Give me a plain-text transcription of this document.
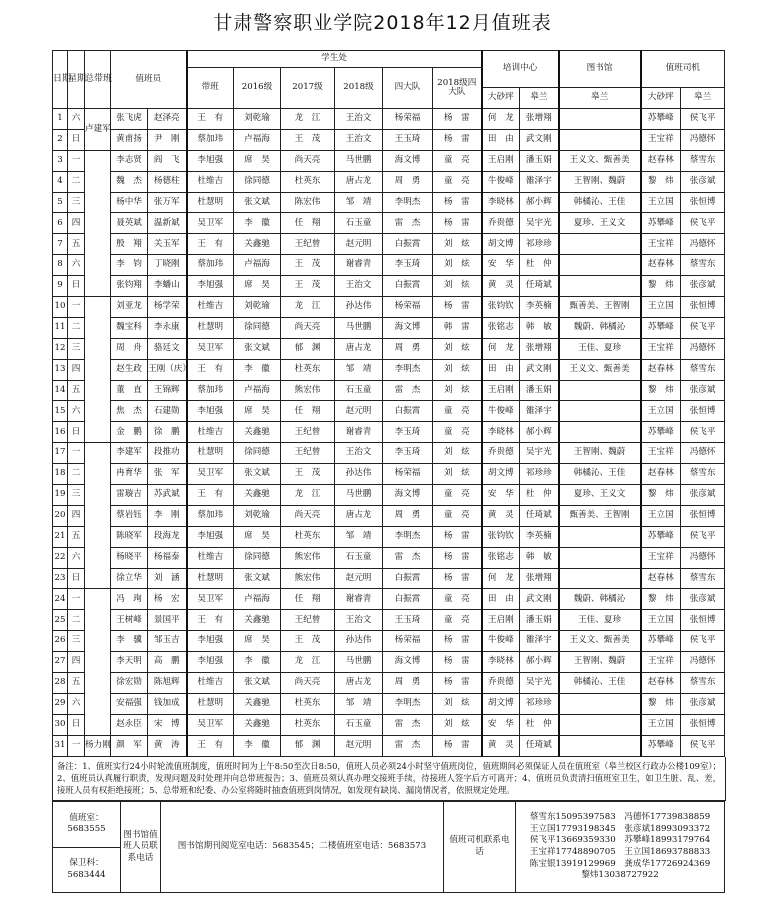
甘肃警察职业学院2018年12月值班表
日期	星期	总带班	值班员		学生处						培训中心		图书馆	值班司机	
					带班	2016级	2017级	2018级	四大队	2018级四大队					
											大砂坪	皋兰	皋兰	大砂坪	皋兰
1	六	卢建军	张飞虎	赵泽亮	王　有	刘乾瑜	龙　江	王治文	杨荣福	杨　雷	何　龙	张增翔		苏攀峰	侯飞平
2	日		黄甫扬	尹　刚	蔡加玮	卢福海	王　茂	王治文	王玉琦	杨　雷	田　由	武文刚		王宝祥	冯德怀
3	一		李志贤	阎　飞	李旭强	席　昊	尚天亮	马世鹏	海文博	童　亮	王启刚	潘玉娟	王义文、甄善美	赵春林	蔡雪东
4	二		魏　杰	杨德柱	杜维吉	徐同德	杜英东	唐占龙	周　勇	童　亮	牛俊峰	雒泽宇	王智刚、魏蔚	黎　炜	张彦斌
5	三		杨中华	张万军	杜慧明	张文斌	陈宏伟	邹　靖	李明杰	杨　雷	李晓林	郝小辉	韩橘沁、王佳	王立国	张恒博
6	四		聂英斌	温新斌	吴卫军	李　徽	任　翔	石玉童	雷　杰	杨　雷	乔贵德	吴宇光	夏珍、王义文	苏攀峰	侯飞平
7	五		殷　翔	关玉军	王　有	关鑫驰	王纪曾	赵元明	白振霄	刘　炫	胡文博	祁珍珍		王宝祥	冯德怀
8	六		李　钧	丁晓刚	蔡加玮	卢福海	王　茂	谢睿青	李玉琦	刘　炫	安　华	杜　仲		赵春林	蔡雪东
9	日		张钧翔	李蟠山	李旭强	席　昊	王　茂	王治文	白振霄	刘　炫	黄　灵	任琦斌		黎　炜	张彦斌
10	一		刘亚龙	杨学荣	杜维吉	刘乾瑜	龙　江	孙达伟	杨荣福	杨　雷	张钧钦	李英楠	甄善美、王智刚	王立国	张恒博
11	二		魏宝科	李永康	杜慧明	徐同德	尚天亮	马世鹏	海文博	韩　雷	张铭志	韩　敏	魏蔚、韩橘沁	苏攀峰	侯飞平
12	三		周　舟	骆廷文	吴卫军	张文斌	郁　渊	唐占龙	周　勇	刘　炫	何　龙	张增翔	王佳、夏珍	王宝祥	冯德怀
13	四		赵生政	王刚（庆）	王　有	李　徽	杜英东	邹　靖	李明杰	刘　炫	田　由	武文刚	王义文、甄善美	赵春林	蔡雪东
14	五		董　直	王锦辉	蔡加玮	卢福海	熊宏伟	石玉童	雷　杰	刘　炫	王启刚	潘玉娟		黎　炜	张彦斌
15	六		焦　杰	石建勋	李旭强	席　昊	任　翔	赵元明	白振霄	童　亮	牛俊峰	雒泽宇		王立国	张恒博
16	日		金　鹏	徐　鹏	杜维吉	关鑫驰	王纪曾	谢睿青	李玉琦	童　亮	李晓林	郝小辉		苏攀峰	侯飞平
17	一		李建军	段推功	杜慧明	徐同德	王纪曾	王治文	李玉琦	刘　炫	乔贵德	吴宇光	王智刚、魏蔚	王宝祥	冯德怀
18	二		冉育华	张　军	吴卫军	张文斌	王　茂	孙达伟	杨荣福	刘　炫	胡文博	祁珍珍	韩橘沁、王佳	赵春林	蔡雪东
19	三		雷璇吉	苏武斌	王　有	关鑫驰	龙　江	马世鹏	海文博	童　亮	安　华	杜　仲	夏珍、王义文	黎　炜	张彦斌
20	四		蔡岩钰	李　刚	蔡加玮	刘乾瑜	尚天亮	唐占龙	周　勇	童　亮	黄　灵	任琦斌	甄善美、王智刚	王立国	张恒博
21	五		陈晓军	段海龙	李旭强	席　昊	杜英东	邹　靖	李明杰	杨　雷	张钧钦	李英楠		苏攀峰	侯飞平
22	六		杨晓平	杨福泰	杜维吉	徐同德	熊宏伟	石玉童	雷　杰	杨　雷	张铭志	韩　敏		王宝祥	冯德怀
23	日		徐立华	刘　涵	杜慧明	张文斌	熊宏伟	赵元明	白振霄	杨　雷	何　龙	张增翔		赵春林	蔡雪东
24	一		冯　珣	杨　宏	吴卫军	卢福海	任　翔	谢睿青	白振霄	童　亮	田　由	武文刚	魏蔚、韩橘沁	黎　炜	张彦斌
25	二		王树峰	景国平	王　有	关鑫驰	王纪曾	王治文	王玉琦	童　亮	王启刚	潘玉娟	王佳、夏珍	王立国	张恒博
26	三		李　骥	邹玉吉	李旭强	席　昊	王　茂	孙达伟	杨荣福	杨　雷	牛俊峰	雒泽宇	王义文、甄善美	苏攀峰	侯飞平
27	四		李天明	高　鹏	李旭强	李　徽	龙　江	马世鹏	海文博	杨　雷	李晓林	郝小辉	王智刚、魏蔚	王宝祥	冯德怀
28	五		徐宏勋	陈旭辉	杜维吉	张文斌	尚天亮	唐占龙	周　勇	杨　雷	乔贵德	吴宇光	韩橘沁、王佳	赵春林	蔡雪东
29	六		安福强	钱加成	杜慧明	关鑫驰	杜英东	邹　靖	李明杰	刘　炫	胡文博	祁珍珍		黎　炜	张彦斌
30	日		赵永臣	宋　博	吴卫军	关鑫驰	杜英东	石玉童	雷　杰	刘　炫	安　华	杜　仲		王立国	张恒博
31	一	杨力刚	颜　军	黄　涛	王　有	李　徽	郁　渊	赵元明	雷　杰	杨　雷	黄　灵	任琦斌		苏攀峰	侯飞平
备注：1、值班实行24小时轮流值班制度，值班时间为上午8:50至次日8:50，值班人员必须24小时坚守值班岗位，值班期间必须保证人员在值班室（皋兰校区行政办公楼109室）；2、值班员认真履行职责，发现问题及时处理并向总带班报告；3、值班员须认真办理交接班手续，待接班人签字后方可离开；4、值班员负责清扫值班室卫生，如卫生脏、乱、差，接班人员有权拒绝接班；5、总带班和纪委、办公室将随时抽查值班到岗情况，如发现有缺岗、漏岗情况者，依照规定处理。
值班室：5683555	图书馆值班人员联系电话	图书馆期刊阅览室电话：5683545；二楼值班室电话：5683573	值班司机联系电话	
蔡雪东15095397583　冯德怀17739838859
王立国17793198345　张彦斌18993093372
侯飞平13669359330　苏攀峰18993179764
王宝祥17748890705　王立国18693788833
陈宝银13919129969　龚成华17726924369
黎炜13038727922

保卫科：5683444
